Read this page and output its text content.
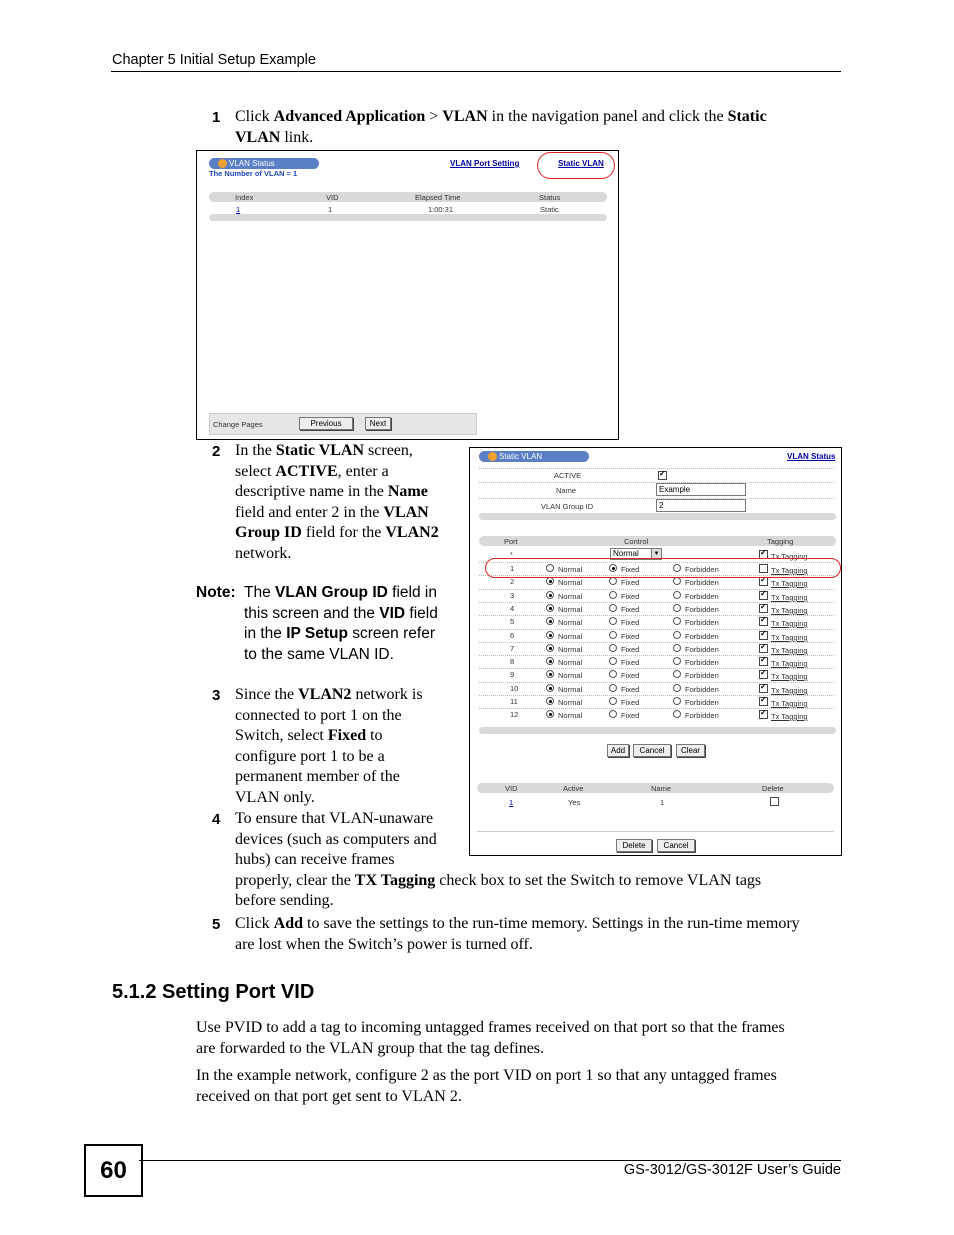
Chapter 5 Initial Setup Example
1 Click Advanced Application > VLAN in the navigation panel and click the Static
VLAN link.
VLAN Status
The Number of VLAN = 1
VLAN Port Setting	Static VLAN
Index	VID	Elapsed Time	Status
1	1	1:00:31	Static
Change Pages	Previous	Next
2 In the Static VLAN screen,
select ACTIVE, enter a
descriptive name in the Name
field and enter 2 in the VLAN
Group ID field for the VLAN2
network.
Note: The VLAN Group ID field in
this screen and the VID field
in the IP Setup screen refer
to the same VLAN ID.
3 Since the VLAN2 network is
connected to port 1 on the
Switch, select Fixed to
configure port 1 to be a
permanent member of the
VLAN only.
4 To ensure that VLAN-unaware
devices (such as computers and
hubs) can receive frames
properly, clear the TX Tagging check box to set the Switch to remove VLAN tags
before sending.
Static VLAN	VLAN Status
ACTIVE
✓
Name	Example
VLAN Group ID	2
Port	Control	Tagging
*	Normal	▼ ✓	Tx Tagging
1	Normal	Fixed	Forbidden	Tx Tagging
2	Normal	Fixed	Forbidden ✓	Tx Tagging
3	Normal	Fixed	Forbidden ✓	Tx Tagging
4	Normal	Fixed	Forbidden ✓	Tx Tagging
5	Normal	Fixed	Forbidden ✓	Tx Tagging
6	Normal	Fixed	Forbidden ✓	Tx Tagging
7	Normal	Fixed	Forbidden ✓	Tx Tagging
8	Normal	Fixed	Forbidden ✓	Tx Tagging
9	Normal	Fixed	Forbidden ✓	Tx Tagging
10	Normal	Fixed	Forbidden ✓	Tx Tagging
11	Normal	Fixed	Forbidden ✓	Tx Tagging
12	Normal	Fixed	Forbidden ✓	Tx Tagging
Add	Cancel	Clear
VID	Active	Name	Delete
1	Yes	1
Delete	Cancel
5 Click Add to save the settings to the run-time memory. Settings in the run-time memory
are lost when the Switch’s power is turned off.
5.1.2 Setting Port VID
Use PVID to add a tag to incoming untagged frames received on that port so that the frames
are forwarded to the VLAN group that the tag defines.
In the example network, configure 2 as the port VID on port 1 so that any untagged frames
received on that port get sent to VLAN 2.
60	GS-3012/GS-3012F User’s Guide
